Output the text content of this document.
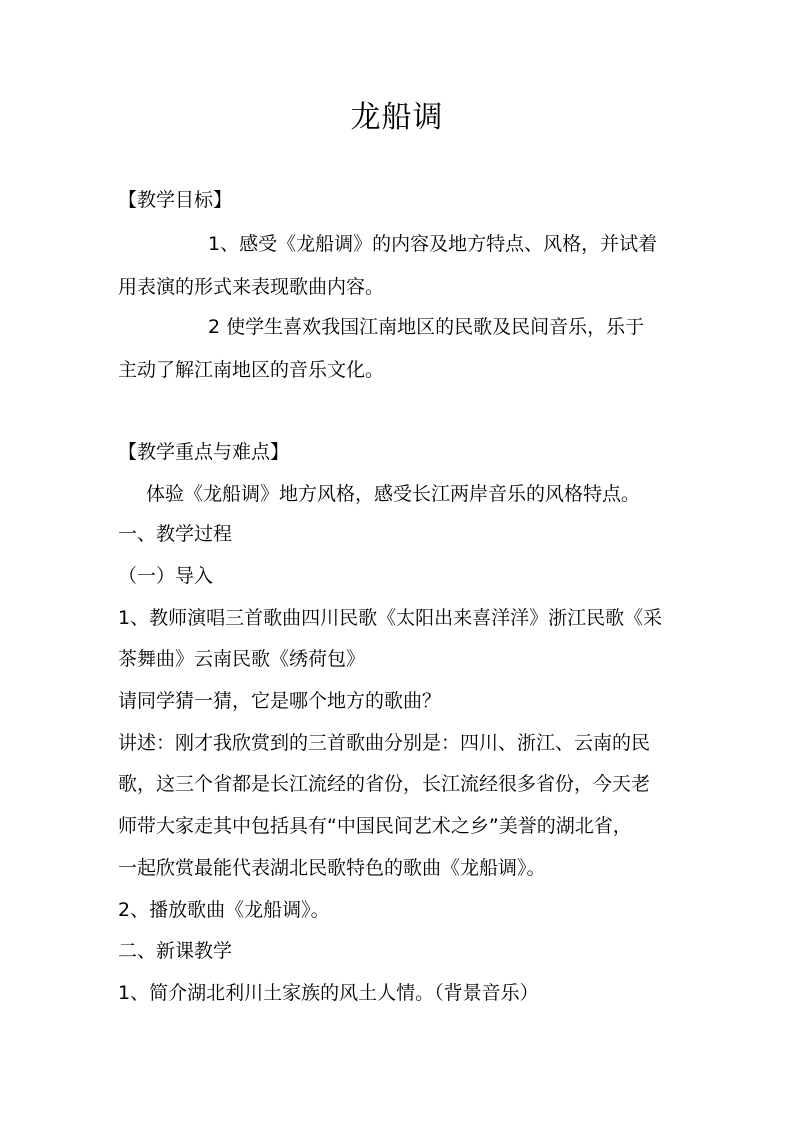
龙船调
【教学目标】
1、感受《龙船调》的内容及地方特点、风格，并试着
用表演的形式来表现歌曲内容。
2 使学生喜欢我国江南地区的民歌及民间音乐，乐于
主动了解江南地区的音乐文化。
【教学重点与难点】
体验《龙船调》地方风格，感受长江两岸音乐的风格特点。
一、教学过程
（一）导入
1、教师演唱三首歌曲四川民歌《太阳出来喜洋洋》浙江民歌《采
茶舞曲》云南民歌《绣荷包》
请同学猜一猜，它是哪个地方的歌曲？
讲述：刚才我欣赏到的三首歌曲分别是：四川、浙江、云南的民
歌，这三个省都是长江流经的省份，长江流经很多省份，今天老
师带大家走其中包括具有“中国民间艺术之乡”美誉的湖北省，
一起欣赏最能代表湖北民歌特色的歌曲《龙船调》。
2、播放歌曲《龙船调》。
二、新课教学
1、简介湖北利川土家族的风土人情。（背景音乐）
